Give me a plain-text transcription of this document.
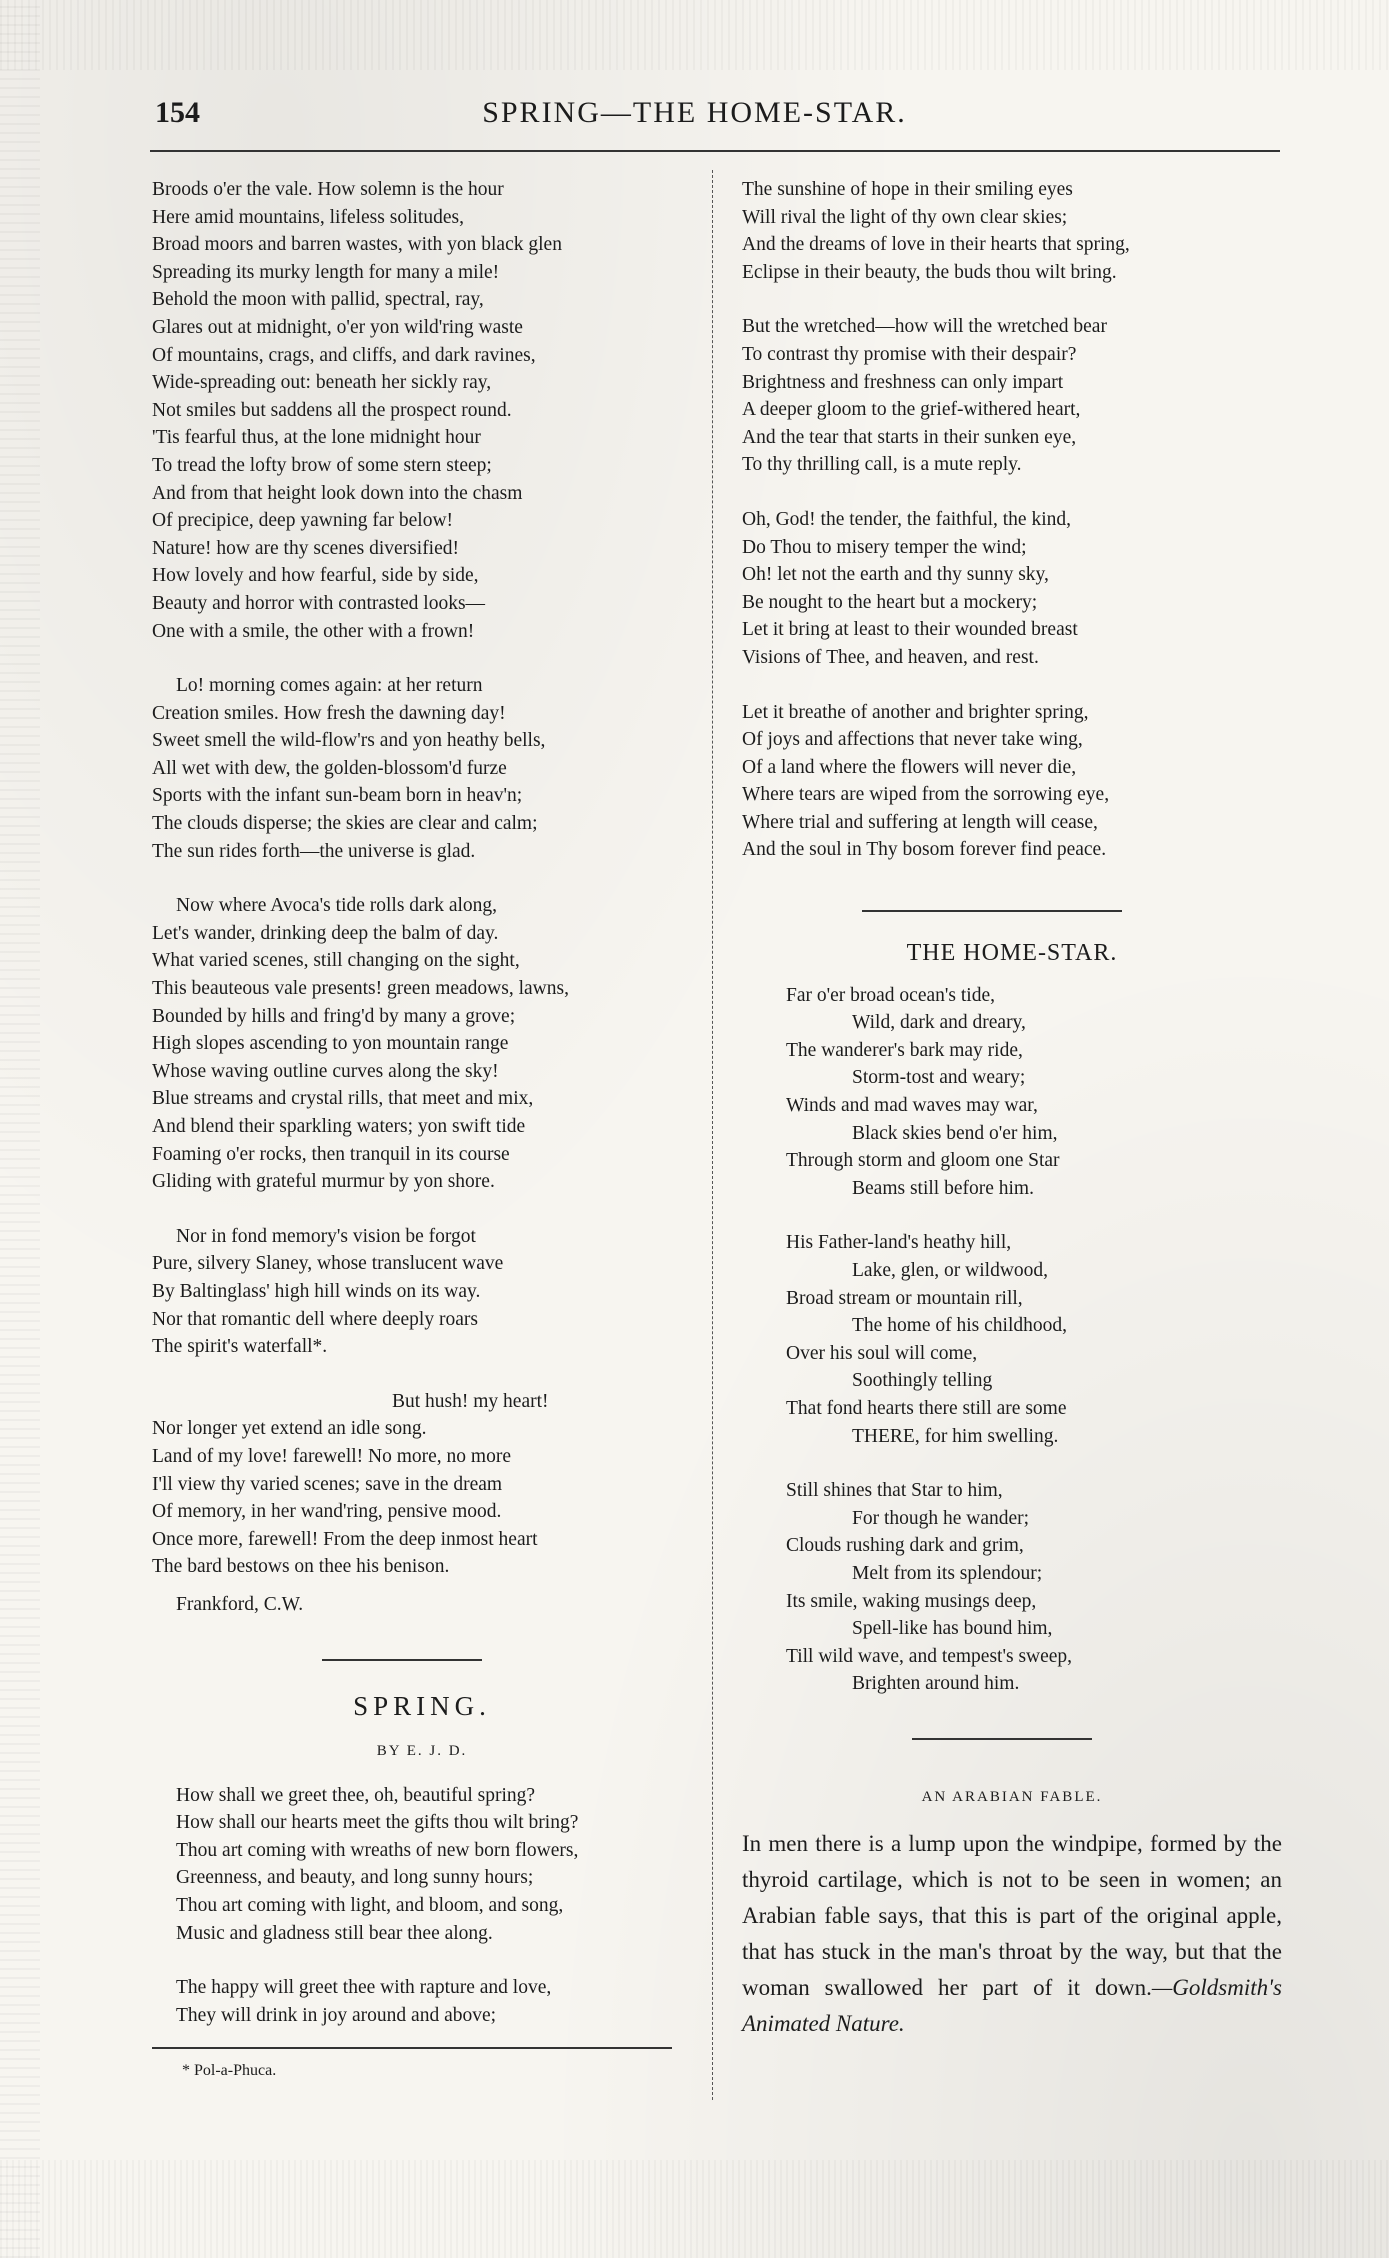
154	SPRING—THE HOME-STAR.
Broods o'er the vale. How solemn is the hour
Here amid mountains, lifeless solitudes,
Broad moors and barren wastes, with yon black glen
Spreading its murky length for many a mile!
Behold the moon with pallid, spectral, ray,
Glares out at midnight, o'er yon wild'ring waste
Of mountains, crags, and cliffs, and dark ravines,
Wide-spreading out: beneath her sickly ray,
Not smiles but saddens all the prospect round.
'Tis fearful thus, at the lone midnight hour
To tread the lofty brow of some stern steep;
And from that height look down into the chasm
Of precipice, deep yawning far below!
Nature! how are thy scenes diversified!
How lovely and how fearful, side by side,
Beauty and horror with contrasted looks—
One with a smile, the other with a frown!
Lo! morning comes again: at her return
Creation smiles. How fresh the dawning day!
Sweet smell the wild-flow'rs and yon heathy bells,
All wet with dew, the golden-blossom'd furze
Sports with the infant sun-beam born in heav'n;
The clouds disperse; the skies are clear and calm;
The sun rides forth—the universe is glad.
Now where Avoca's tide rolls dark along,
Let's wander, drinking deep the balm of day.
What varied scenes, still changing on the sight,
This beauteous vale presents! green meadows, lawns,
Bounded by hills and fring'd by many a grove;
High slopes ascending to yon mountain range
Whose waving outline curves along the sky!
Blue streams and crystal rills, that meet and mix,
And blend their sparkling waters; yon swift tide
Foaming o'er rocks, then tranquil in its course
Gliding with grateful murmur by yon shore.
Nor in fond memory's vision be forgot
Pure, silvery Slaney, whose translucent wave
By Baltinglass' high hill winds on its way.
Nor that romantic dell where deeply roars
The spirit's waterfall*.
But hush! my heart!
Nor longer yet extend an idle song.
Land of my love! farewell! No more, no more
I'll view thy varied scenes; save in the dream
Of memory, in her wand'ring, pensive mood.
Once more, farewell! From the deep inmost heart
The bard bestows on thee his benison.
Frankford, C.W.
SPRING.
BY E. J. D.
How shall we greet thee, oh, beautiful spring?
How shall our hearts meet the gifts thou wilt bring?
Thou art coming with wreaths of new born flowers,
Greenness, and beauty, and long sunny hours;
Thou art coming with light, and bloom, and song,
Music and gladness still bear thee along.
The happy will greet thee with rapture and love,
They will drink in joy around and above;
* Pol-a-Phuca.
The sunshine of hope in their smiling eyes
Will rival the light of thy own clear skies;
And the dreams of love in their hearts that spring,
Eclipse in their beauty, the buds thou wilt bring.
But the wretched—how will the wretched bear
To contrast thy promise with their despair?
Brightness and freshness can only impart
A deeper gloom to the grief-withered heart,
And the tear that starts in their sunken eye,
To thy thrilling call, is a mute reply.
Oh, God! the tender, the faithful, the kind,
Do Thou to misery temper the wind;
Oh! let not the earth and thy sunny sky,
Be nought to the heart but a mockery;
Let it bring at least to their wounded breast
Visions of Thee, and heaven, and rest.
Let it breathe of another and brighter spring,
Of joys and affections that never take wing,
Of a land where the flowers will never die,
Where tears are wiped from the sorrowing eye,
Where trial and suffering at length will cease,
And the soul in Thy bosom forever find peace.
THE HOME-STAR.
Far o'er broad ocean's tide,
Wild, dark and dreary,
The wanderer's bark may ride,
Storm-tost and weary;
Winds and mad waves may war,
Black skies bend o'er him,
Through storm and gloom one Star
Beams still before him.
His Father-land's heathy hill,
Lake, glen, or wildwood,
Broad stream or mountain rill,
The home of his childhood,
Over his soul will come,
Soothingly telling
That fond hearts there still are some
THERE, for him swelling.
Still shines that Star to him,
For though he wander;
Clouds rushing dark and grim,
Melt from its splendour;
Its smile, waking musings deep,
Spell-like has bound him,
Till wild wave, and tempest's sweep,
Brighten around him.
AN ARABIAN FABLE.
In men there is a lump upon the windpipe, formed by the thyroid cartilage, which is not to be seen in women; an Arabian fable says, that this is part of the original apple, that has stuck in the man's throat by the way, but that the woman swallowed her part of it down.—Goldsmith's Animated Nature.
